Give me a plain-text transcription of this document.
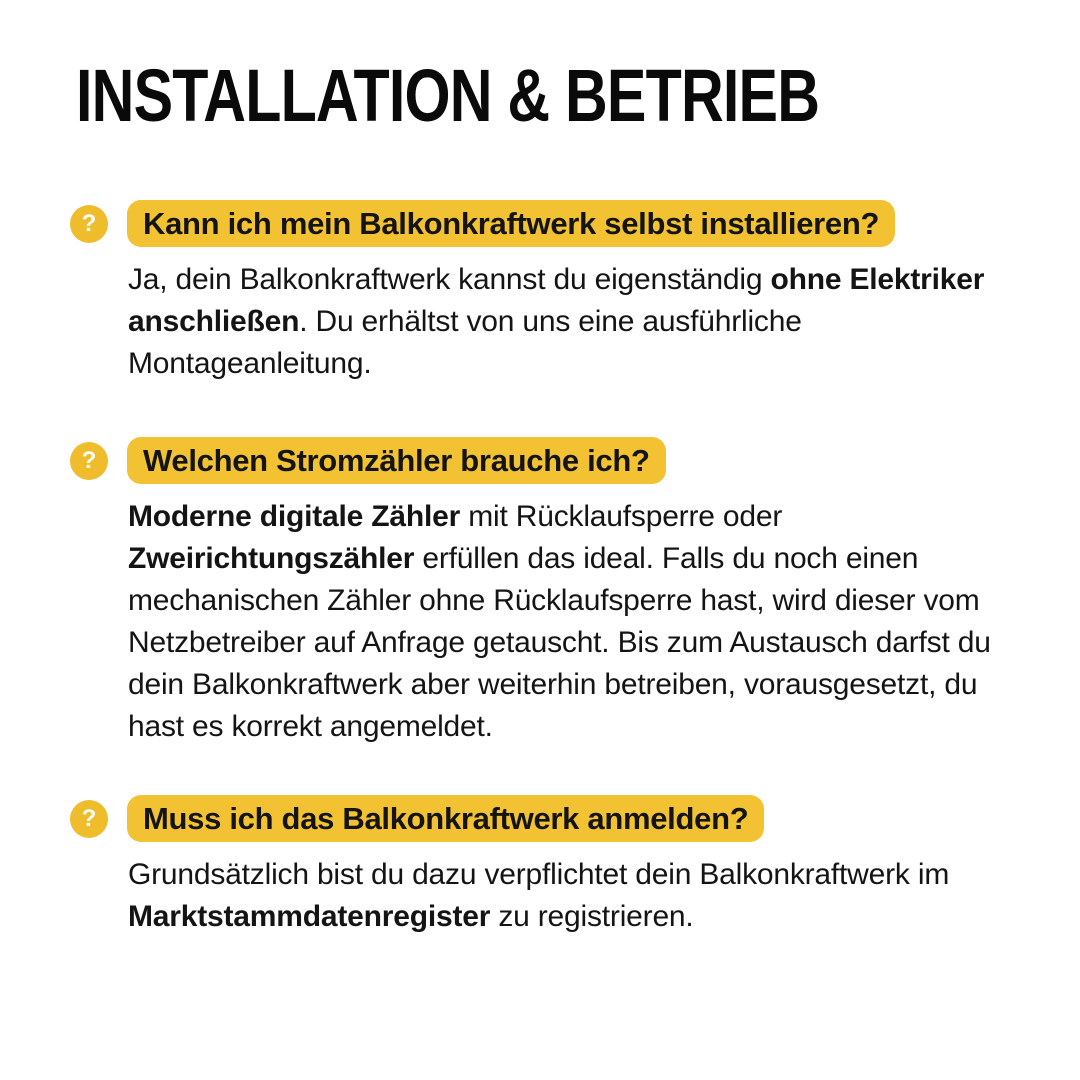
INSTALLATION & BETRIEB
?	Kann ich mein Balkonkraftwerk selbst installieren?

Ja, dein Balkonkraftwerk kannst du eigenständig ohne Elektriker anschließen. Du erhältst von uns eine ausführliche Montageanleitung.

?	Welchen Stromzähler brauche ich?

Moderne digitale Zähler mit Rücklaufsperre oder Zweirichtungszähler erfüllen das ideal. Falls du noch einen mechanischen Zähler ohne Rücklaufsperre hast, wird dieser vom Netzbetreiber auf Anfrage getauscht. Bis zum Austausch darfst du dein Balkonkraftwerk aber weiterhin betreiben, vorausgesetzt, du hast es korrekt angemeldet.

?	Muss ich das Balkonkraftwerk anmelden?

Grundsätzlich bist du dazu verpflichtet dein Balkonkraftwerk im Marktstammdatenregister zu registrieren.
